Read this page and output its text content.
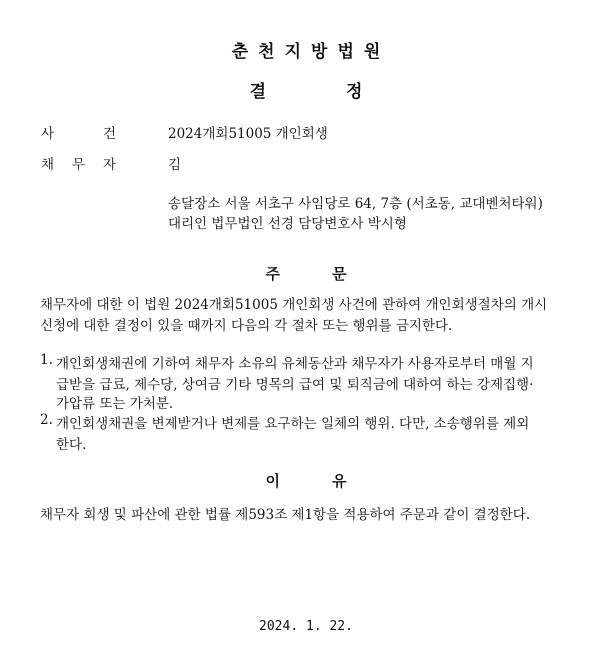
춘 천 지 방 법 원
결	정
사	건	2024개회51005 개인회생
채 무 자	김
송달장소 서울 서초구 사임당로 64, 7층 (서초동, 교대벤처타워)
대리인 법무법인 선경 담당변호사 박시형
주	문
채무자에 대한 이 법원 2024개회51005 개인회생 사건에 관하여 개인회생절차의 개시
신청에 대한 결정이 있을 때까지 다음의 각 절차 또는 행위를 금지한다.
1. 개인회생채권에 기하여 채무자 소유의 유체동산과 채무자가 사용자로부터 매월 지
급받을 급료, 제수당, 상여금 기타 명목의 급여 및 퇴직금에 대하여 하는 강제집행·
가압류 또는 가처분.
2. 개인회생채권을 변제받거나 변제를 요구하는 일체의 행위. 다만, 소송행위를 제외
한다.
이	유
채무자 회생 및 파산에 관한 법률 제593조 제1항을 적용하여 주문과 같이 결정한다.
2024. 1. 22.
